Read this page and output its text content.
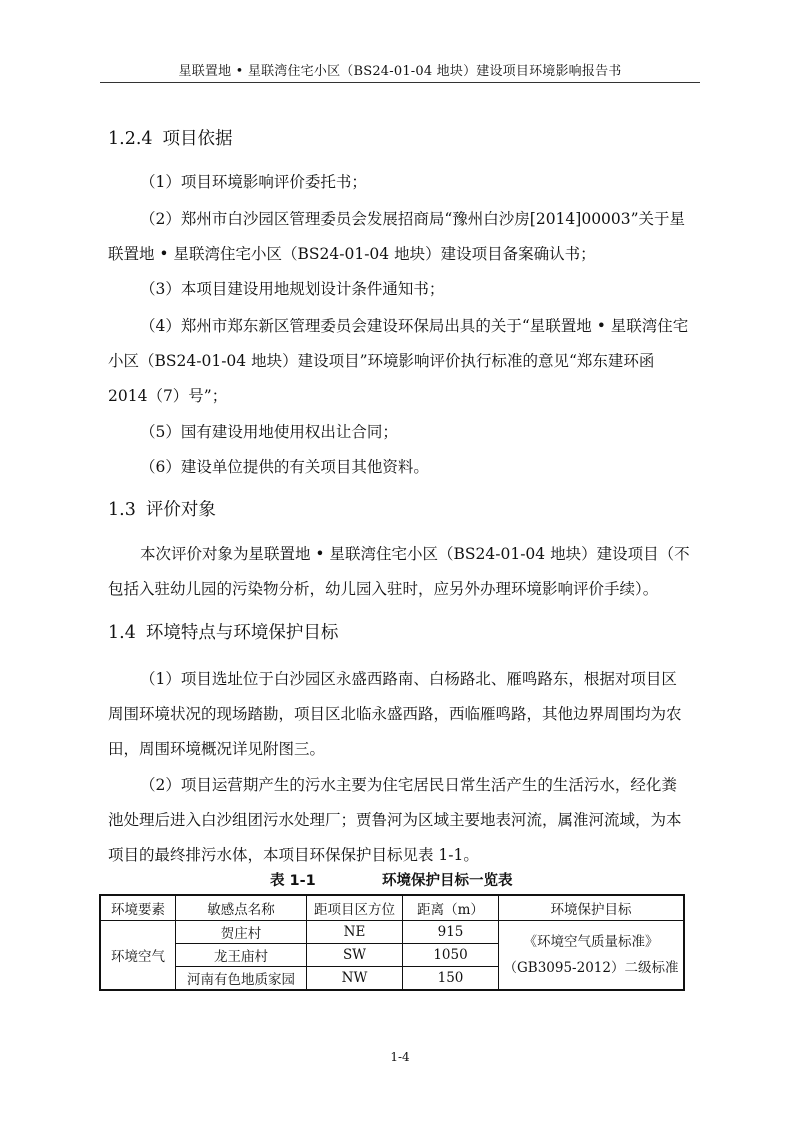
星联置地 • 星联湾住宅小区（BS24-01-04 地块）建设项目环境影响报告书
1.2.4 项目依据
（1）项目环境影响评价委托书；
（2）郑州市白沙园区管理委员会发展招商局“豫州白沙房[2014]00003”关于星联置地 • 星联湾住宅小区（BS24-01-04 地块）建设项目备案确认书；
（3）本项目建设用地规划设计条件通知书；
（4）郑州市郑东新区管理委员会建设环保局出具的关于“星联置地 • 星联湾住宅小区（BS24-01-04 地块）建设项目”环境影响评价执行标准的意见“郑东建环函 2014（7）号”；
（5）国有建设用地使用权出让合同；
（6）建设单位提供的有关项目其他资料。
1.3 评价对象
本次评价对象为星联置地 • 星联湾住宅小区（BS24-01-04 地块）建设项目（不包括入驻幼儿园的污染物分析，幼儿园入驻时，应另外办理环境影响评价手续）。
1.4 环境特点与环境保护目标
（1）项目选址位于白沙园区永盛西路南、白杨路北、雁鸣路东，根据对项目区周围环境状况的现场踏勘，项目区北临永盛西路，西临雁鸣路，其他边界周围均为农田，周围环境概况详见附图三。
（2）项目运营期产生的污水主要为住宅居民日常生活产生的生活污水，经化粪池处理后进入白沙组团污水处理厂；贾鲁河为区域主要地表河流，属淮河流域，为本项目的最终排污水体，本项目环保保护目标见表 1-1。
表 1-1	环境保护目标一览表
环境要素	敏感点名称	距项目区方位	距离（m）	环境保护目标
环境空气	贺庄村	NE	915	《环境空气质量标准》
（GB3095-2012）二级标准

	龙王庙村	SW	1050	
	河南有色地质家园	NW	150	
1-4
